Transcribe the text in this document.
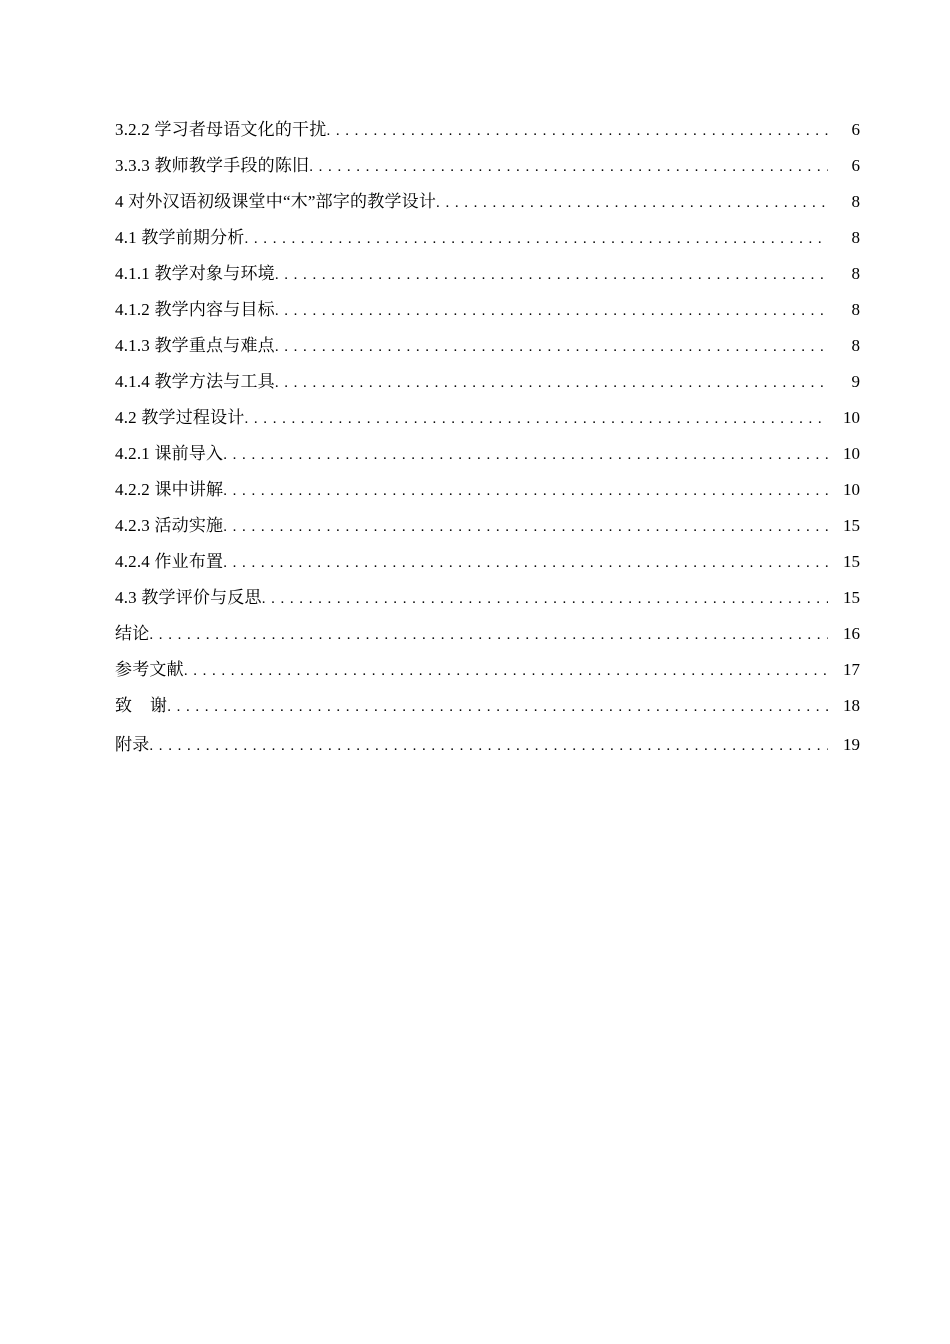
3.2.2 学习者母语文化的干扰 . . .	6
3.3.3 教师教学手段的陈旧 . . .	6
4 对外汉语初级课堂中“木”部字的教学设计 . . .	8
4.1 教学前期分析 . . .	8
4.1.1 教学对象与环境 . . .	8
4.1.2 教学内容与目标 . . .	8
4.1.3 教学重点与难点 . . .	8
4.1.4 教学方法与工具 . . .	9
4.2 教学过程设计 . . .	10
4.2.1 课前导入 . . .	10
4.2.2 课中讲解 . . .	10
4.2.3 活动实施 . . .	15
4.2.4 作业布置 . . .	15
4.3 教学评价与反思 . . .	15
结论 . . .	16
参考文献 . . .	17
致    谢 . . .	18
附录 . . .	19
